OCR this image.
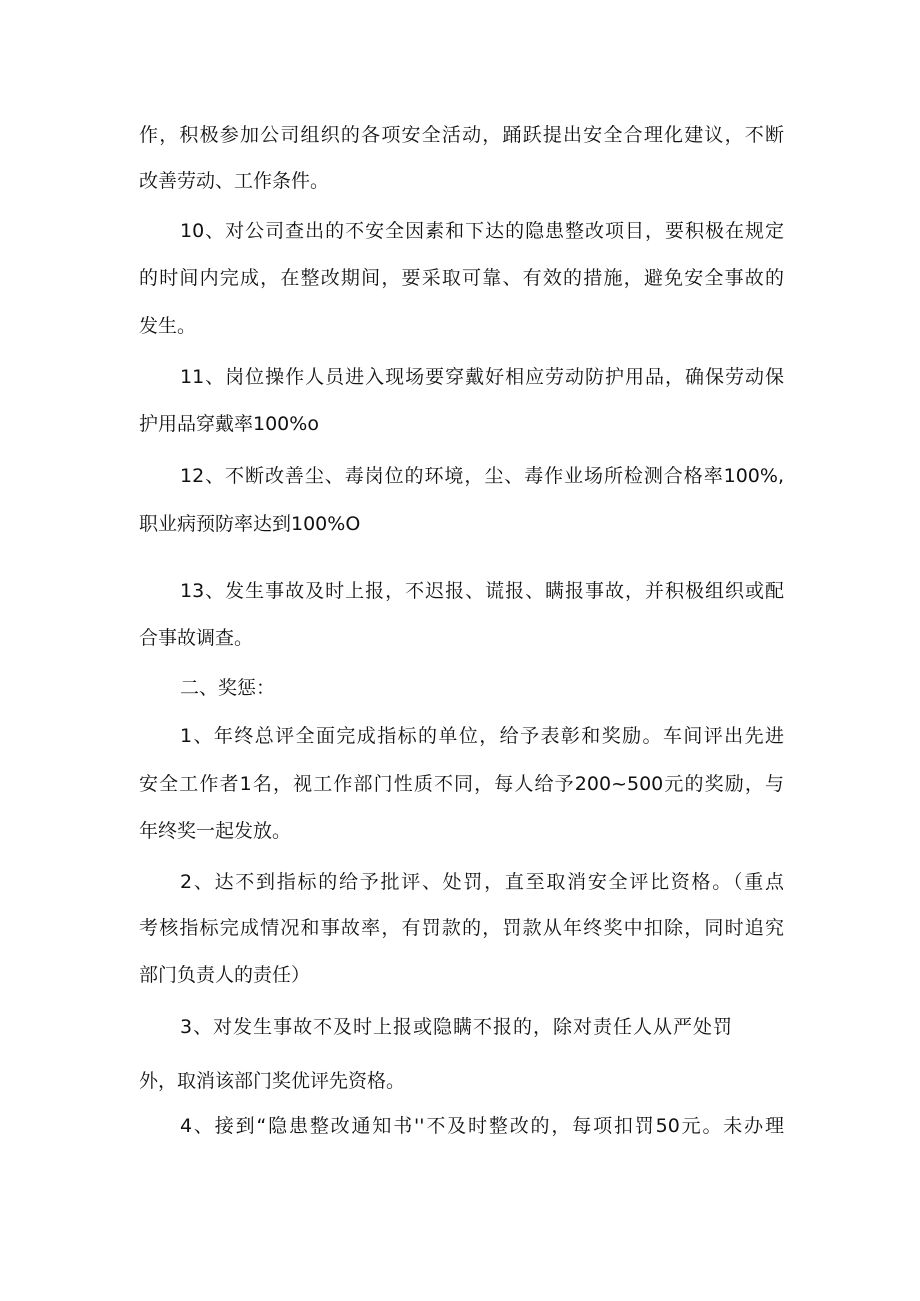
作，积极参加公司组织的各项安全活动，踊跃提出安全合理化建议，不断
改善劳动、工作条件。
10、对公司查出的不安全因素和下达的隐患整改项目，要积极在规定
的时间内完成，在整改期间，要采取可靠、有效的措施，避免安全事故的
发生。
11、岗位操作人员进入现场要穿戴好相应劳动防护用品，确保劳动保
护用品穿戴率100%o
12、不断改善尘、毒岗位的环境，尘、毒作业场所检测合格率100%,
职业病预防率达到100%O
13、发生事故及时上报，不迟报、谎报、瞒报事故，并积极组织或配
合事故调查。
二、奖惩：
1、年终总评全面完成指标的单位，给予表彰和奖励。车间评出先进
安全工作者1名，视工作部门性质不同，每人给予200~500元的奖励，与
年终奖一起发放。
2、达不到指标的给予批评、处罚，直至取消安全评比资格。（重点
考核指标完成情况和事故率，有罚款的，罚款从年终奖中扣除，同时追究
部门负责人的责任）
3、对发生事故不及时上报或隐瞒不报的，除对责任人从严处罚
外，取消该部门奖优评先资格。
4、接到“隐患整改通知书''不及时整改的，每项扣罚50元。未办理
